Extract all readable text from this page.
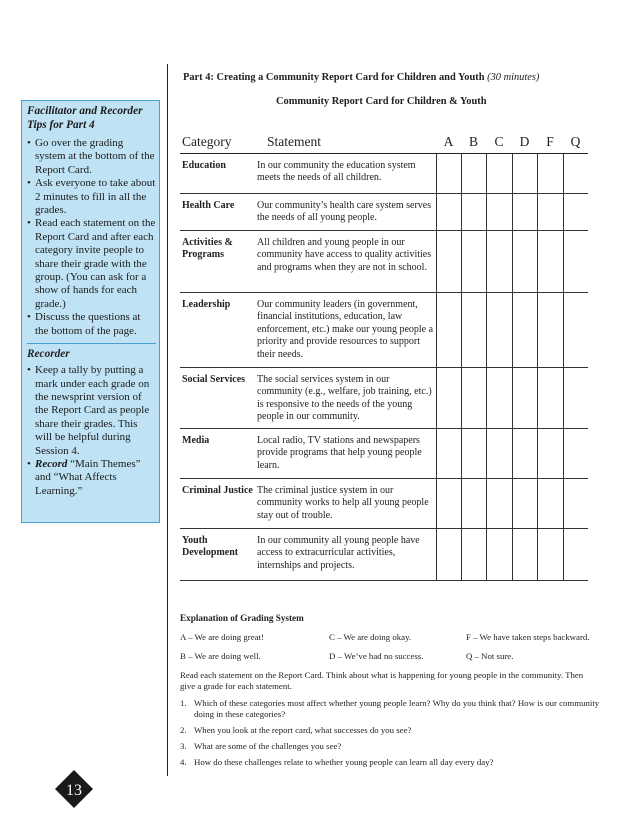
Facilitator and Recorder Tips for Part 4
• Go over the grading system at the bottom of the Report Card.
• Ask everyone to take about 2 minutes to fill in all the grades.
• Read each statement on the Report Card and after each category invite people to share their grade with the group. (You can ask for a show of hands for each grade.)
• Discuss the questions at the bottom of the page.
Recorder
• Keep a tally by putting a mark under each grade on the newsprint version of the Report Card as people share their grades. This will be helpful during Session 4.
• Record “Main Themes” and “What Affects Learning.”
Part 4: Creating a Community Report Card for Children and Youth (30 minutes)
Community Report Card for Children & Youth
Category	Statement	A	B	C	D	F	Q
Education	In our community the education system meets the needs of all children.						
Health Care	Our community’s health care system serves the needs of all young people.						
Activities & Programs	All children and young people in our community have access to quality activities and programs when they are not in school.						
Leadership	Our community leaders (in government, financial institutions, education, law enforcement, etc.) make our young people a priority and provide resources to support their needs.						
Social Services	The social services system in our community (e.g., welfare, job training, etc.) is responsive to the needs of the young people in our community.						
Media	Local radio, TV stations and newspapers provide programs that help young people learn.						
Criminal Justice	The criminal justice system in our community works to help all young people stay out of trouble.						
Youth Development	In our community all young people have access to extracurricular activities, internships and projects.						
Explanation of Grading System
A – We are doing great!	C – We are doing okay.	F – We have taken steps backward.
B – We are doing well.	D – We’ve had no success.	Q – Not sure.
Read each statement on the Report Card. Think about what is happening for young people in the community. Then give a grade for each statement.
1. Which of these categories most affect whether young people learn? Why do you think that? How is our community doing in these categories?
2. When you look at the report card, what successes do you see?
3. What are some of the challenges you see?
4. How do these challenges relate to whether young people can learn all day every day?
13
